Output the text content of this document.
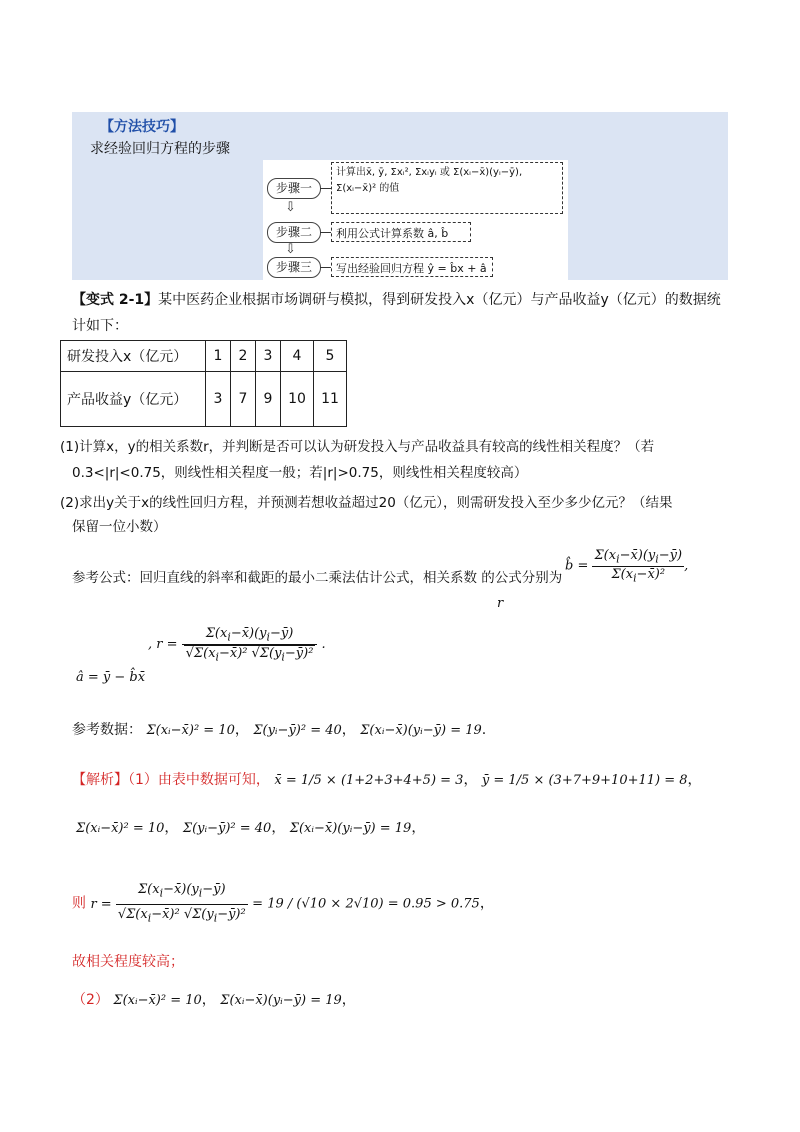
【方法技巧】
求经验回归方程的步骤
步骤一
计算出x̄, ȳ, Σxᵢ², Σxᵢyᵢ 或 Σ(xᵢ−x̄)(yᵢ−ȳ), Σ(xᵢ−x̄)² 的值
⇩
步骤二	利用公式计算系数 â, b̂
⇩
步骤三	写出经验回归方程 ŷ = b̂x + â
【变式 2-1】某中医药企业根据市场调研与模拟，得到研发投入x（亿元）与产品收益y（亿元）的数据统
计如下：
研发投入x（亿元）	1	2	3	4	5
产品收益y（亿元）	3	7	9	10	11
(1)计算x，y的相关系数r，并判断是否可以认为研发投入与产品收益具有较高的线性相关程度？（若
0.3<|r|<0.75，则线性相关程度一般；若|r|>0.75，则线性相关程度较高）
(2)求出y关于x的线性回归方程，并预测若想收益超过20（亿元），则需研发投入至少多少亿元？（结果
保留一位小数）
参考公式：回归直线的斜率和截距的最小二乘法估计公式，相关系数 的公式分别为
r
b̂ = $\frac{\Sigma(x_i-x̄)(y_i-ȳ)}{\Sigma(x_i-x̄)^2}$ ,
â = ȳ − b̂x̄
, $r = \frac{\Sigma(x_i-x̄)(y_i-ȳ)}{√\Sigma(x_i-x̄)^2 √\Sigma(y_i-ȳ)^2}$ .
参考数据： Σ(xᵢ−x̄)² = 10， Σ(yᵢ−ȳ)² = 40， Σ(xᵢ−x̄)(yᵢ−ȳ) = 19.
【解析】（1）由表中数据可知， x̄ = 1/5 × (1+2+3+4+5) = 3， ȳ = 1/5 × (3+7+9+10+11) = 8，
Σ(xᵢ−x̄)² = 10， Σ(yᵢ−ȳ)² = 40， Σ(xᵢ−x̄)(yᵢ−ȳ) = 19，
则 $r = \frac{\Sigma(x_i-x̄)(y_i-ȳ)}{√\Sigma(x_i-x̄)^2 √\Sigma(y_i-ȳ)^2} = 19 / (√10 \times 2√10) = 0.95 > 0.75$，
故相关程度较高；
（2） Σ(xᵢ−x̄)² = 10， Σ(xᵢ−x̄)(yᵢ−ȳ) = 19，
